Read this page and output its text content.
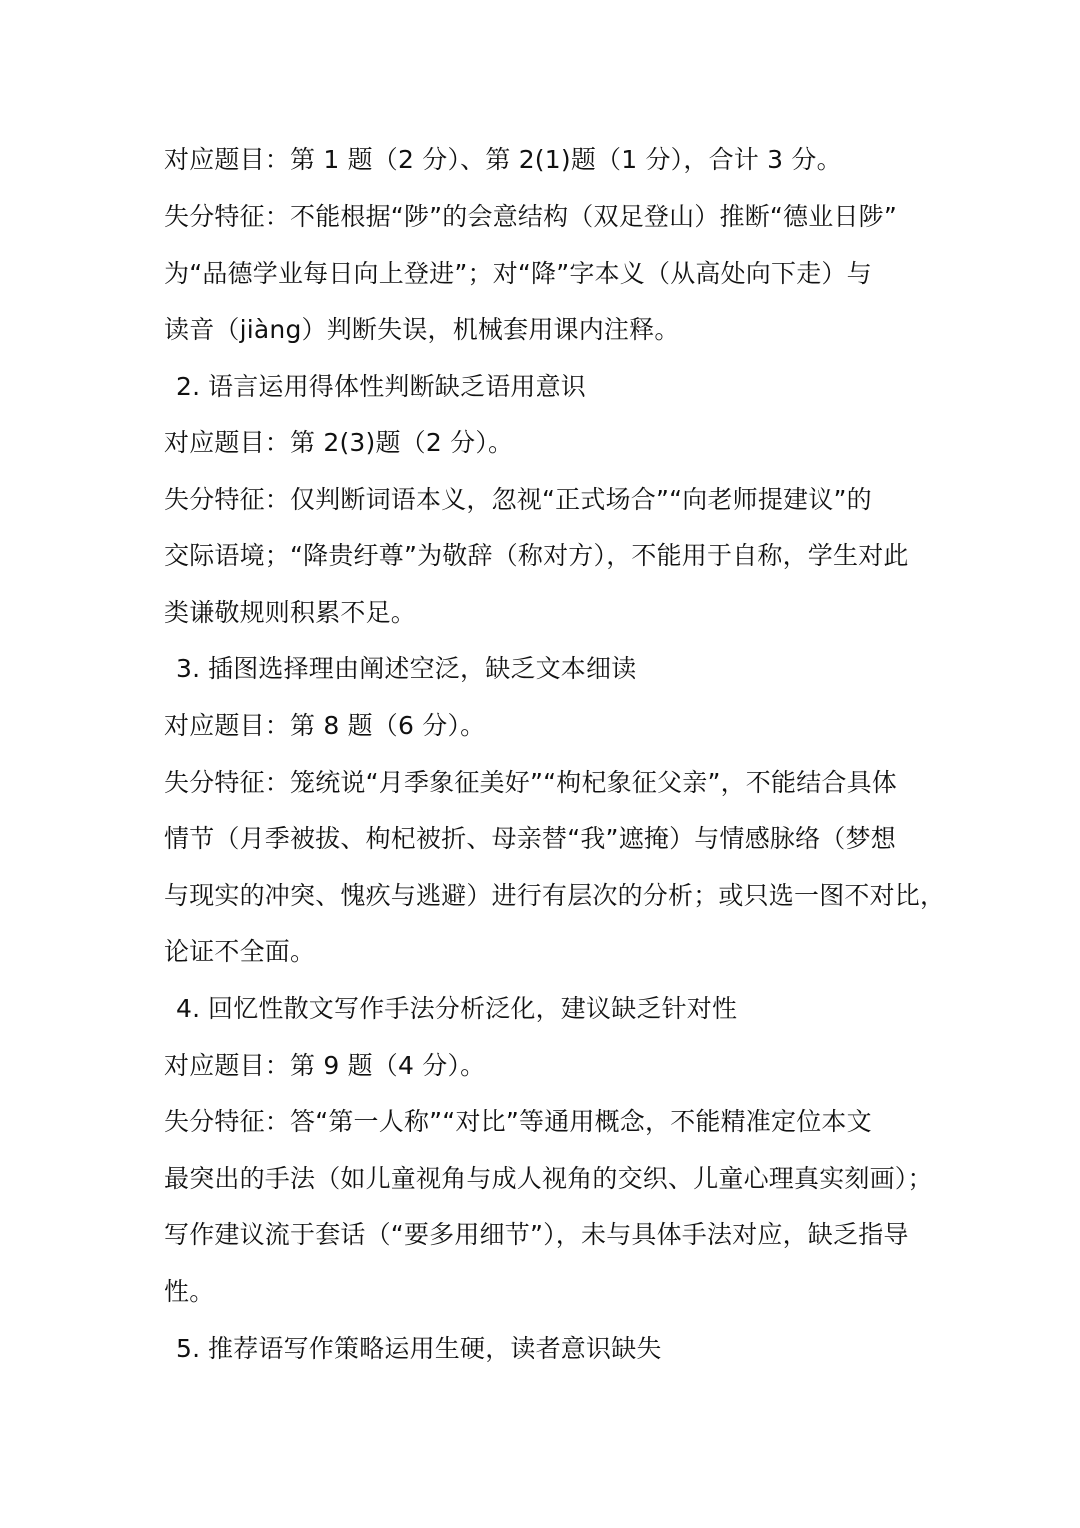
对应题目：第 1 题（2 分）、第 2(1)题（1 分），合计 3 分。
失分特征：不能根据“陟”的会意结构（双足登山）推断“德业日陟”
为“品德学业每日向上登进”；对“降”字本义（从高处向下走）与
读音（jiàng）判断失误，机械套用课内注释。
2. 语言运用得体性判断缺乏语用意识
对应题目：第 2(3)题（2 分）。
失分特征：仅判断词语本义，忽视“正式场合”“向老师提建议”的
交际语境；“降贵纡尊”为敬辞（称对方），不能用于自称，学生对此
类谦敬规则积累不足。
3. 插图选择理由阐述空泛，缺乏文本细读
对应题目：第 8 题（6 分）。
失分特征：笼统说“月季象征美好”“枸杞象征父亲”，不能结合具体
情节（月季被拔、枸杞被折、母亲替“我”遮掩）与情感脉络（梦想
与现实的冲突、愧疚与逃避）进行有层次的分析；或只选一图不对比，
论证不全面。
4. 回忆性散文写作手法分析泛化，建议缺乏针对性
对应题目：第 9 题（4 分）。
失分特征：答“第一人称”“对比”等通用概念，不能精准定位本文
最突出的手法（如儿童视角与成人视角的交织、儿童心理真实刻画）；
写作建议流于套话（“要多用细节”），未与具体手法对应，缺乏指导
性。
5. 推荐语写作策略运用生硬，读者意识缺失
